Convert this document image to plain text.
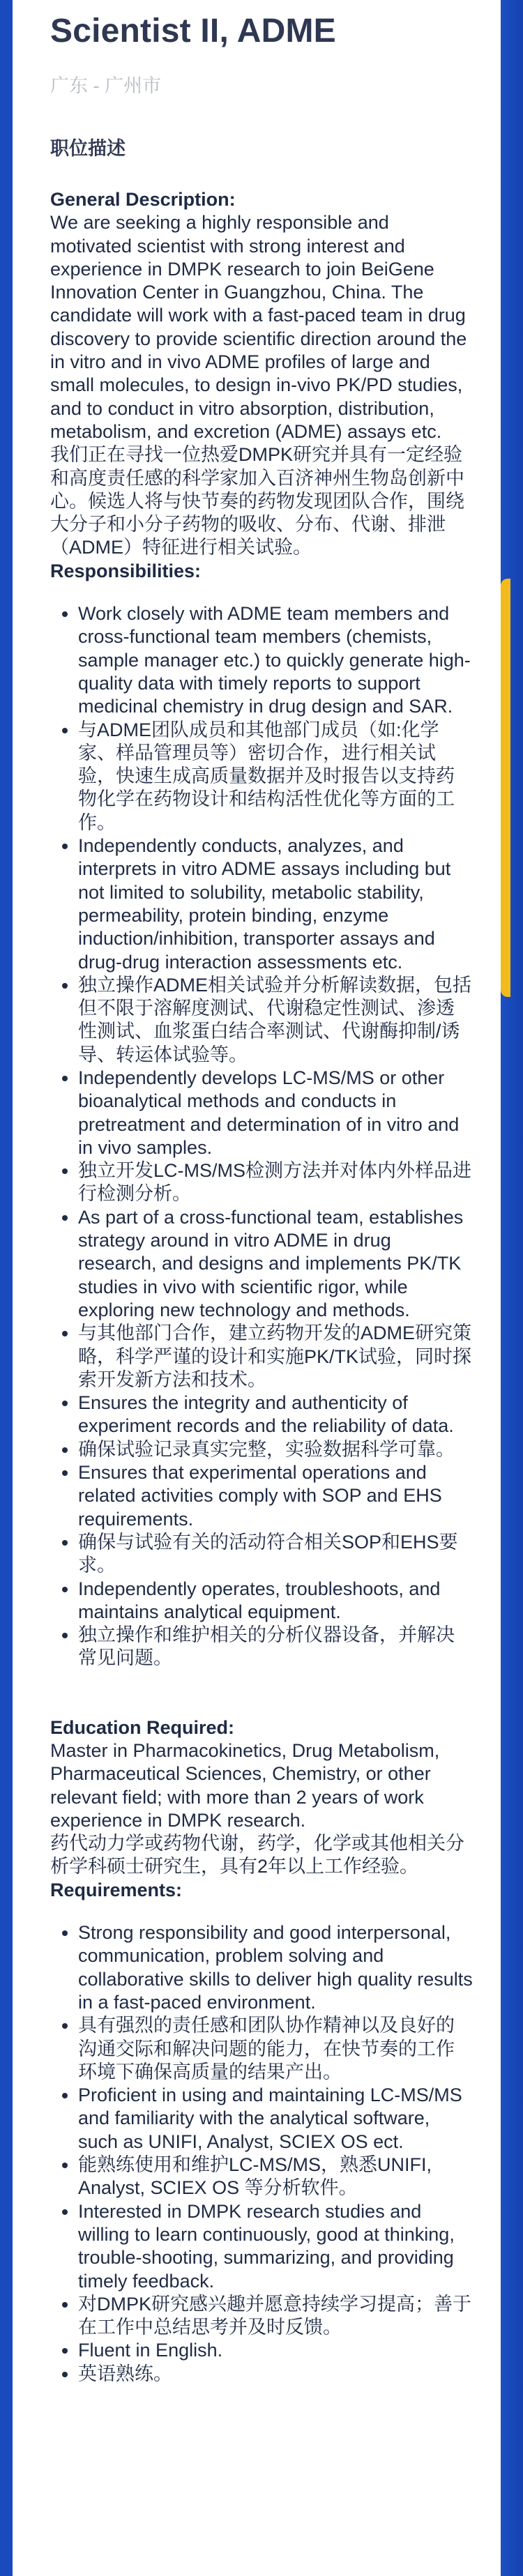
Scientist II, ADME
广东 - 广州市
职位描述

General Description:

We are seeking a highly responsible and motivated scientist with strong interest and experience in DMPK research to join BeiGene Innovation Center in Guangzhou, China. The candidate will work with a fast-paced team in drug discovery to provide scientific direction around the in vitro and in vivo ADME profiles of large and small molecules, to design in-vivo PK/PD studies, and to conduct in vitro absorption, distribution, metabolism, and excretion (ADME) assays etc.

我们正在寻找一位热爱DMPK研究并具有一定经验和高度责任感的科学家加入百济神州生物岛创新中心。候选人将与快节奏的药物发现团队合作，围绕大分子和小分子药物的吸收、分布、代谢、排泄（ADME）特征进行相关试验。

Responsibilities:

• Work closely with ADME team members and cross-functional team members (chemists, sample manager etc.) to quickly generate high-quality data with timely reports to support medicinal chemistry in drug design and SAR.
• 与ADME团队成员和其他部门成员（如:化学家、样品管理员等）密切合作，进行相关试验，快速生成高质量数据并及时报告以支持药物化学在药物设计和结构活性优化等方面的工作。
• Independently conducts, analyzes, and interprets in vitro ADME assays including but not limited to solubility, metabolic stability, permeability, protein binding, enzyme induction/inhibition, transporter assays and drug-drug interaction assessments etc.
• 独立操作ADME相关试验并分析解读数据，包括但不限于溶解度测试、代谢稳定性测试、渗透性测试、血浆蛋白结合率测试、代谢酶抑制/诱导、转运体试验等。
• Independently develops LC-MS/MS or other bioanalytical methods and conducts in pretreatment and determination of in vitro and in vivo samples.
• 独立开发LC-MS/MS检测方法并对体内外样品进行检测分析。
• As part of a cross-functional team, establishes strategy around in vitro ADME in drug research, and designs and implements PK/TK studies in vivo with scientific rigor, while exploring new technology and methods.
• 与其他部门合作，建立药物开发的ADME研究策略，科学严谨的设计和实施PK/TK试验，同时探索开发新方法和技术。
• Ensures the integrity and authenticity of experiment records and the reliability of data.
• 确保试验记录真实完整，实验数据科学可靠。
• Ensures that experimental operations and related activities comply with SOP and EHS requirements.
• 确保与试验有关的活动符合相关SOP和EHS要求。
• Independently operates, troubleshoots, and maintains analytical equipment.
• 独立操作和维护相关的分析仪器设备，并解决常见问题。

Education Required:

Master in Pharmacokinetics, Drug Metabolism, Pharmaceutical Sciences, Chemistry, or other relevant field; with more than 2 years of work experience in DMPK research.

药代动力学或药物代谢，药学，化学或其他相关分析学科硕士研究生，具有2年以上工作经验。

Requirements:

• Strong responsibility and good interpersonal, communication, problem solving and collaborative skills to deliver high quality results in a fast-paced environment.
• 具有强烈的责任感和团队协作精神以及良好的沟通交际和解决问题的能力，在快节奏的工作环境下确保高质量的结果产出。
• Proficient in using and maintaining LC-MS/MS and familiarity with the analytical software, such as UNIFI, Analyst, SCIEX OS ect.
• 能熟练使用和维护LC-MS/MS，熟悉UNIFI, Analyst, SCIEX OS 等分析软件。
• Interested in DMPK research studies and willing to learn continuously, good at thinking, trouble-shooting, summarizing, and providing timely feedback.
• 对DMPK研究感兴趣并愿意持续学习提高；善于在工作中总结思考并及时反馈。
• Fluent in English.
• 英语熟练。
